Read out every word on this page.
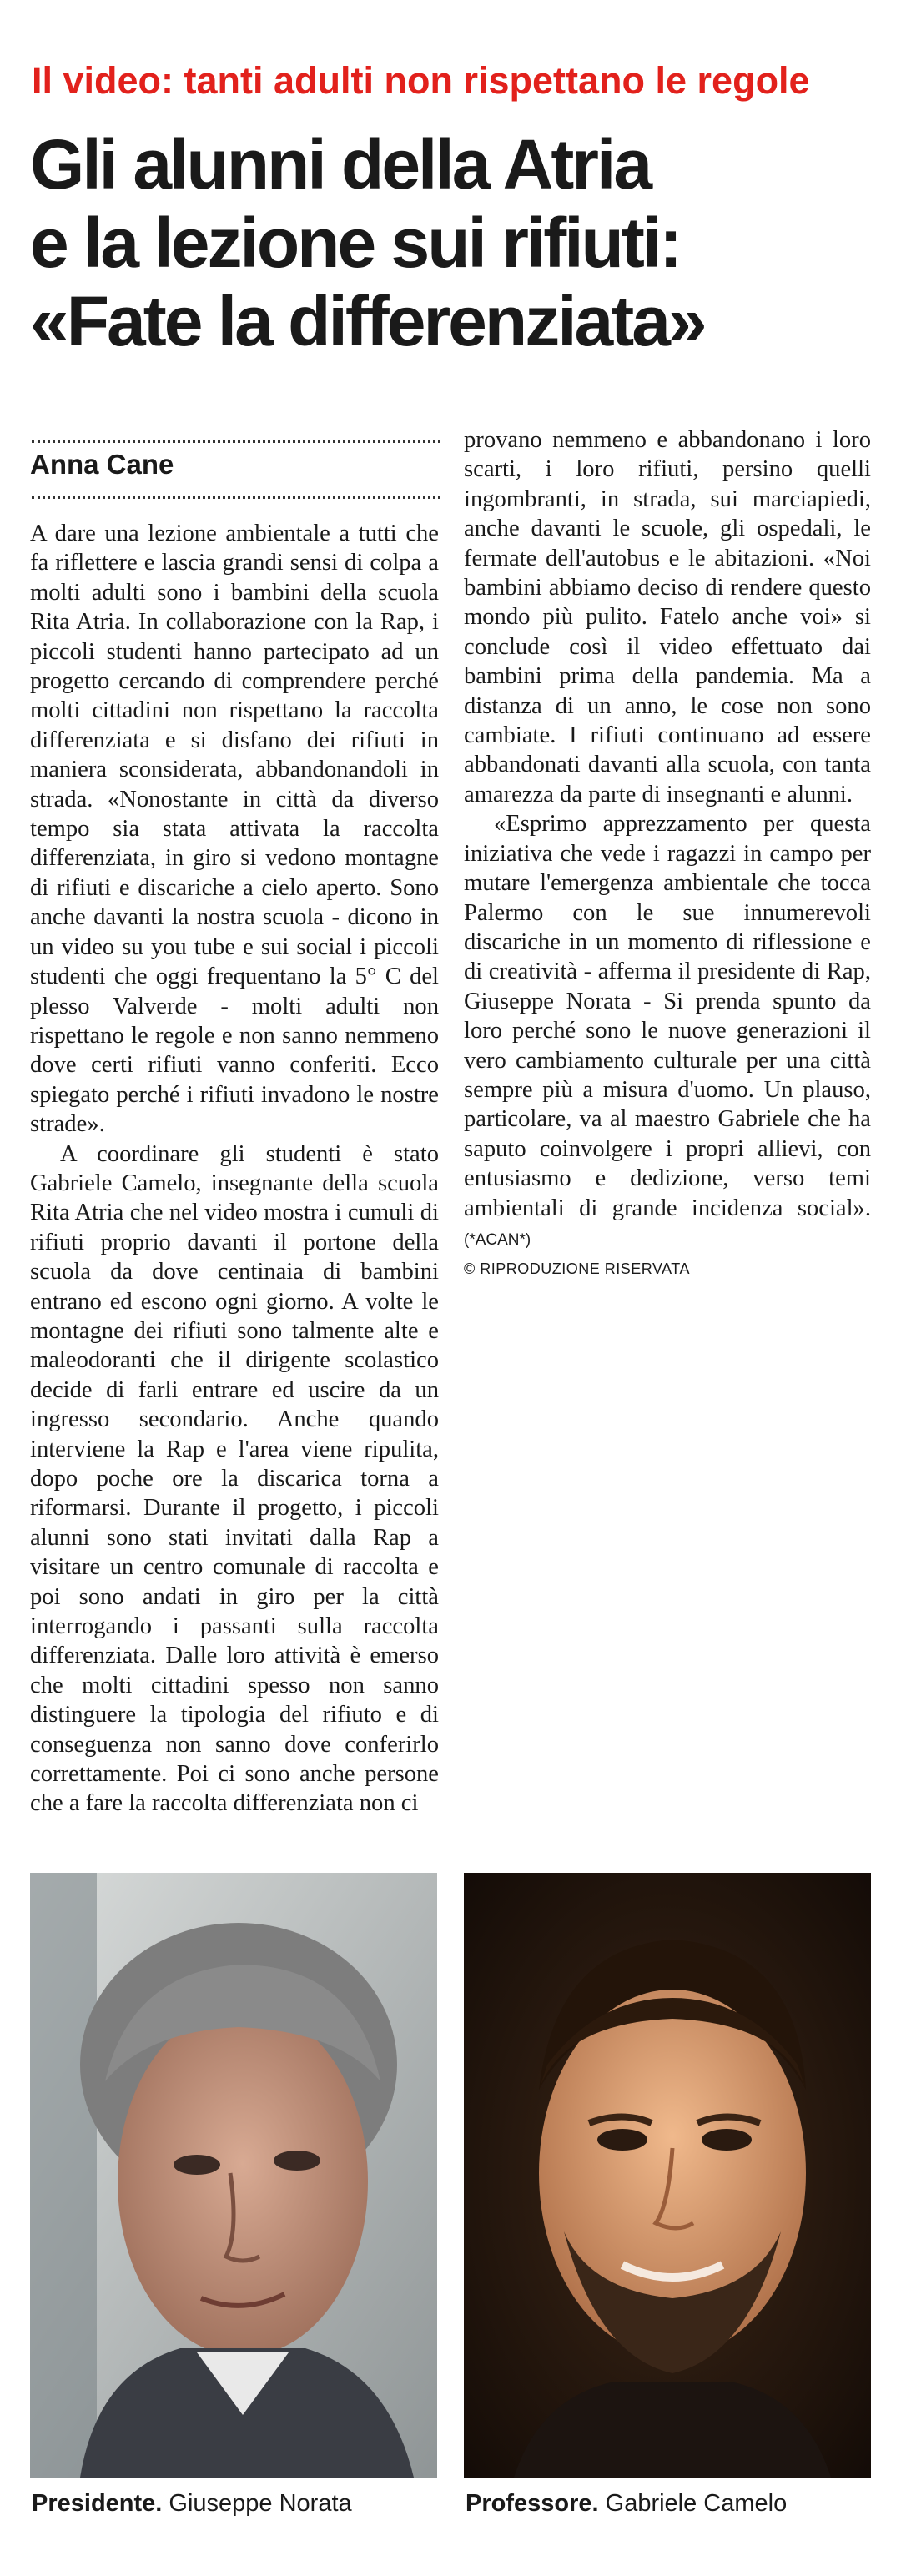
Il video: tanti adulti non rispettano le regole
Gli alunni della Atria
e la lezione sui rifiuti:
«Fate la differenziata»
Anna Cane

A dare una lezione ambientale a tutti che fa riflettere e lascia grandi sensi di colpa a molti adulti sono i bambini della scuola Rita Atria. In collaborazione con la Rap, i piccoli studenti hanno partecipato ad un progetto cercando di comprendere perché molti cittadini non rispettano la raccolta differenziata e si disfano dei rifiuti in maniera sconsiderata, abbandonandoli in strada. «Nonostante in città da diverso tempo sia stata attivata la raccolta differenziata, in giro si vedono montagne di rifiuti e discariche a cielo aperto. Sono anche davanti la nostra scuola - dicono in un video su you tube e sui social i piccoli studenti che oggi frequentano la 5° C del plesso Valverde - molti adulti non rispettano le regole e non sanno nemmeno dove certi rifiuti vanno conferiti. Ecco spiegato perché i rifiuti invadono le nostre strade».

A coordinare gli studenti è stato Gabriele Camelo, insegnante della scuola Rita Atria che nel video mostra i cumuli di rifiuti proprio davanti il portone della scuola da dove centinaia di bambini entrano ed escono ogni giorno. A volte le montagne dei rifiuti sono talmente alte e maleodoranti che il dirigente scolastico decide di farli entrare ed uscire da un ingresso secondario. Anche quando interviene la Rap e l'area viene ripulita, dopo poche ore la discarica torna a riformarsi. Durante il progetto, i piccoli alunni sono stati invitati dalla Rap a visitare un centro comunale di raccolta e poi sono andati in giro per la città interrogando i passanti sulla raccolta differenziata. Dalle loro attività è emerso che molti cittadini spesso non sanno distinguere la tipologia del rifiuto e di conseguenza non sanno dove conferirlo correttamente. Poi ci sono anche persone che a fare la raccolta differenziata non ci

provano nemmeno e abbandonano i loro scarti, i loro rifiuti, persino quelli ingombranti, in strada, sui marciapiedi, anche davanti le scuole, gli ospedali, le fermate dell'autobus e le abitazioni. «Noi bambini abbiamo deciso di rendere questo mondo più pulito. Fatelo anche voi» si conclude così il video effettuato dai bambini prima della pandemia. Ma a distanza di un anno, le cose non sono cambiate. I rifiuti continuano ad essere abbandonati davanti alla scuola, con tanta amarezza da parte di insegnanti e alunni.

«Esprimo apprezzamento per questa iniziativa che vede i ragazzi in campo per mutare l'emergenza ambientale che tocca Palermo con le sue innumerevoli discariche in un momento di riflessione e di creatività - afferma il presidente di Rap, Giuseppe Norata - Si prenda spunto da loro perché sono le nuove generazioni il vero cambiamento culturale per una città sempre più a misura d'uomo. Un plauso, particolare, va al maestro Gabriele che ha saputo coinvolgere i propri allievi, con entusiasmo e dedizione, verso temi ambientali di grande incidenza social». (*ACAN*)

© RIPRODUZIONE RISERVATA

Presidente. Giuseppe Norata	Professore. Gabriele Camelo
